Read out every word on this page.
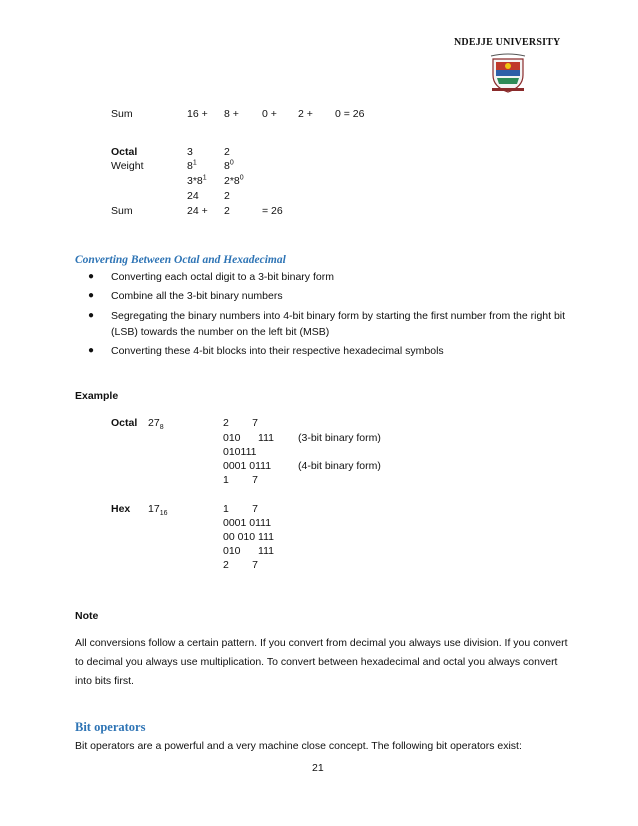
NDEJJE UNIVERSITY
Sum	16 + 8 + 0 + 2 + 0 = 26
Octal	3	2
Weight	$8^1$	$8^0$
$3*8^1$ $2*8^0$
24 2
Sum	24 + 2	= 26
Converting Between Octal and Hexadecimal
● Converting each octal digit to a 3-bit binary form
● Combine all the 3-bit binary numbers
● Segregating the binary numbers into 4-bit binary form by starting the first number from the right bit (LSB) towards the number on the left bit (MSB)
● Converting these 4-bit blocks into their respective hexadecimal symbols
Example
Octal $27_8$	2        7
010      111 (3-bit binary form)
010111
0001 0111	(4-bit binary form)
1        7
Hex $17_{16}$	1        7
0001 0111
00 010 111
010      111
2        7
Note
All conversions follow a certain pattern. If you convert from decimal you always use division. If you convert to decimal you always use multiplication. To convert between hexadecimal and octal you always convert into bits first.
Bit operators
Bit operators are a powerful and a very machine close concept. The following bit operators exist:
21
